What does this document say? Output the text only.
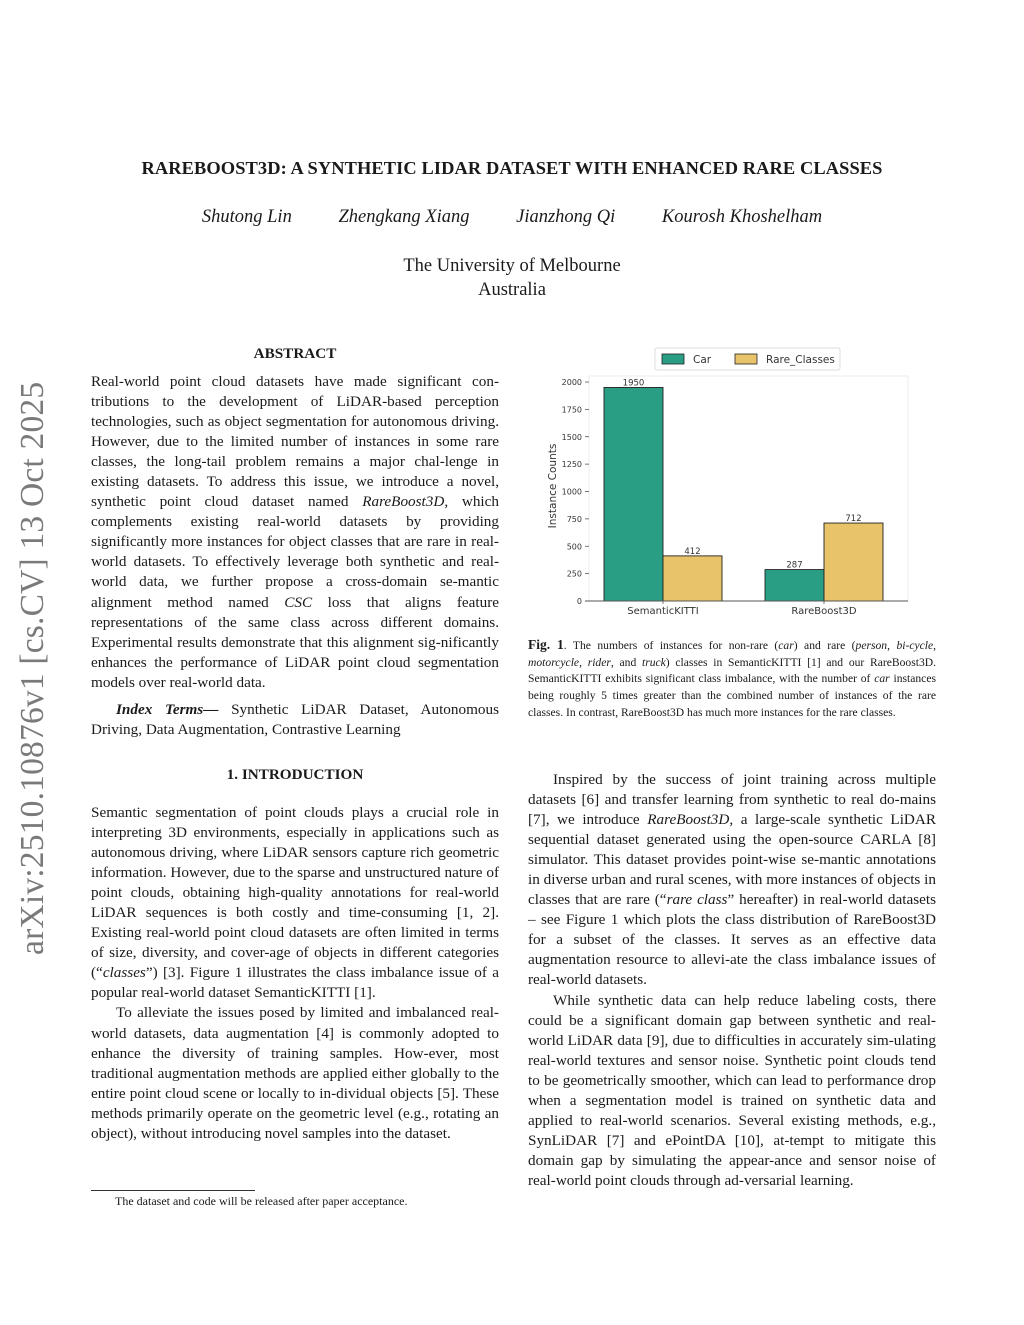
arXiv:2510.10876v1 [cs.CV] 13 Oct 2025
RAREBOOST3D: A SYNTHETIC LIDAR DATASET WITH ENHANCED RARE CLASSES
Shutong Lin	Zhengkang Xiang	Jianzhong Qi	Kourosh Khoshelham
The University of Melbourne
Australia
ABSTRACT

Real-world point cloud datasets have made significant con-tributions to the development of LiDAR-based perception technologies, such as object segmentation for autonomous driving. However, due to the limited number of instances in some rare classes, the long-tail problem remains a major chal-lenge in existing datasets. To address this issue, we introduce a novel, synthetic point cloud dataset named RareBoost3D, which complements existing real-world datasets by providing significantly more instances for object classes that are rare in real-world datasets. To effectively leverage both synthetic and real-world data, we further propose a cross-domain se-mantic alignment method named CSC loss that aligns feature representations of the same class across different domains. Experimental results demonstrate that this alignment sig-nificantly enhances the performance of LiDAR point cloud segmentation models over real-world data.

Index Terms— Synthetic LiDAR Dataset, Autonomous Driving, Data Augmentation, Contrastive Learning

1. INTRODUCTION

Semantic segmentation of point clouds plays a crucial role in interpreting 3D environments, especially in applications such as autonomous driving, where LiDAR sensors capture rich geometric information. However, due to the sparse and unstructured nature of point clouds, obtaining high-quality annotations for real-world LiDAR sequences is both costly and time-consuming [1, 2]. Existing real-world point cloud datasets are often limited in terms of size, diversity, and cover-age of objects in different categories (“classes”) [3]. Figure 1 illustrates the class imbalance issue of a popular real-world dataset SemanticKITTI [1].

To alleviate the issues posed by limited and imbalanced real-world datasets, data augmentation [4] is commonly adopted to enhance the diversity of training samples. How-ever, most traditional augmentation methods are applied either globally to the entire point cloud scene or locally to in-dividual objects [5]. These methods primarily operate on the geometric level (e.g., rotating an object), without introducing novel samples into the dataset.

The dataset and code will be released after paper acceptance.
Car	Rare_Classes
0
250
500
750
1000
1250
1500
1750
2000	1950
412
287
712
SemanticKITTI	RareBoost3D
Instance Counts
Fig. 1. The numbers of instances for non-rare (car) and rare (person, bi-cycle, motorcycle, rider, and truck) classes in SemanticKITTI [1] and our RareBoost3D. SemanticKITTI exhibits significant class imbalance, with the number of car instances being roughly 5 times greater than the combined number of instances of the rare classes. In contrast, RareBoost3D has much more instances for the rare classes.

Inspired by the success of joint training across multiple datasets [6] and transfer learning from synthetic to real do-mains [7], we introduce RareBoost3D, a large-scale synthetic LiDAR sequential dataset generated using the open-source CARLA [8] simulator. This dataset provides point-wise se-mantic annotations in diverse urban and rural scenes, with more instances of objects in classes that are rare (“rare class” hereafter) in real-world datasets – see Figure 1 which plots the class distribution of RareBoost3D for a subset of the classes. It serves as an effective data augmentation resource to allevi-ate the class imbalance issues of real-world datasets.

While synthetic data can help reduce labeling costs, there could be a significant domain gap between synthetic and real-world LiDAR data [9], due to difficulties in accurately sim-ulating real-world textures and sensor noise. Synthetic point clouds tend to be geometrically smoother, which can lead to performance drop when a segmentation model is trained on synthetic data and applied to real-world scenarios. Several existing methods, e.g., SynLiDAR [7] and ePointDA [10], at-tempt to mitigate this domain gap by simulating the appear-ance and sensor noise of real-world point clouds through ad-versarial learning.
